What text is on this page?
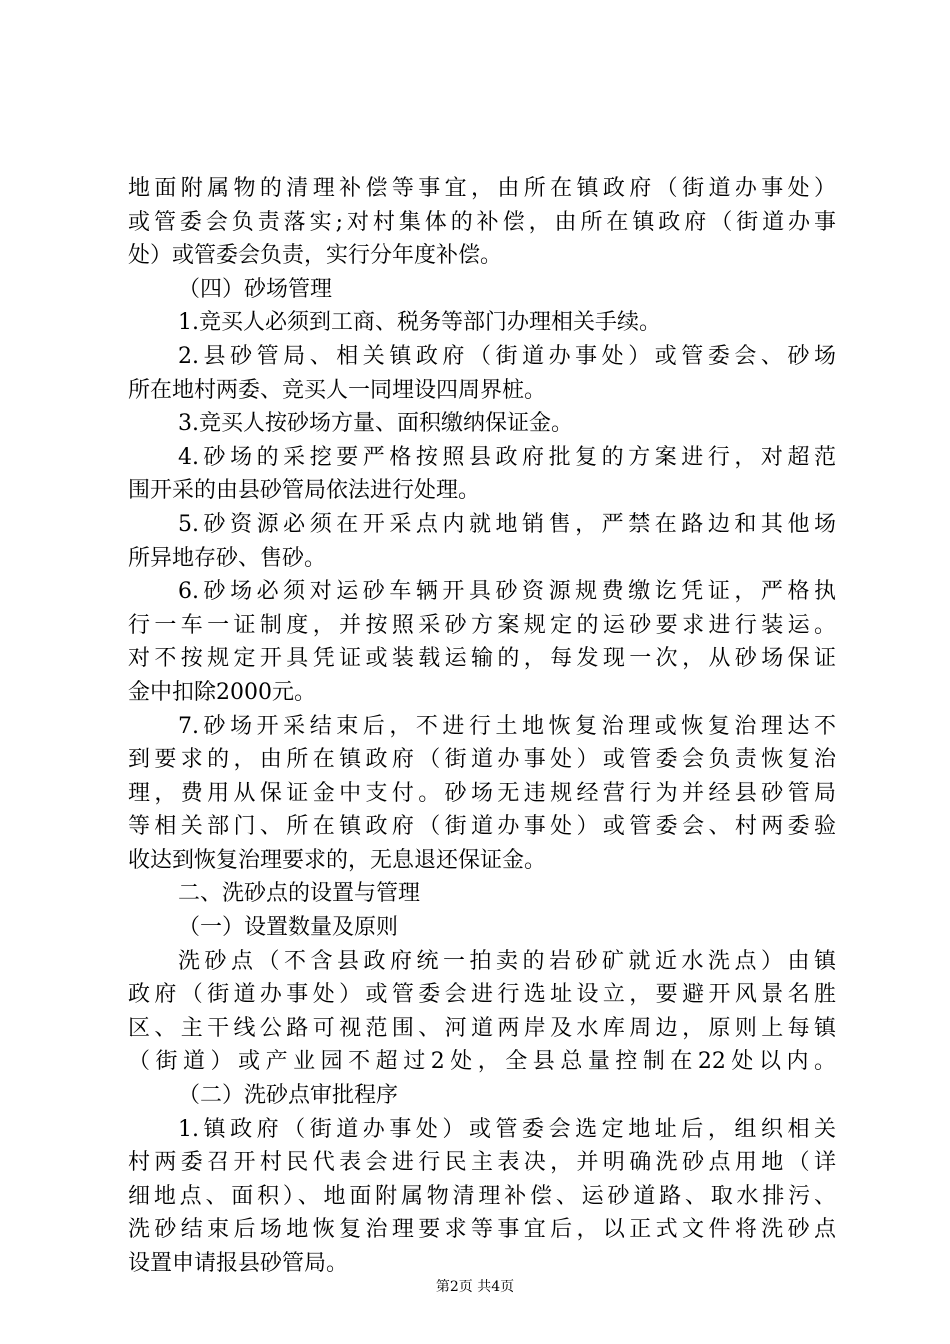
地面附属物的清理补偿等事宜，由所在镇政府（街道办事处）
或管委会负责落实;对村集体的补偿，由所在镇政府（街道办事
处）或管委会负责，实行分年度补偿。
（四）砂场管理
1.竞买人必须到工商、税务等部门办理相关手续。
2.县砂管局、相关镇政府（街道办事处）或管委会、砂场
所在地村两委、竞买人一同埋设四周界桩。
3.竞买人按砂场方量、面积缴纳保证金。
4.砂场的采挖要严格按照县政府批复的方案进行，对超范
围开采的由县砂管局依法进行处理。
5.砂资源必须在开采点内就地销售，严禁在路边和其他场
所异地存砂、售砂。
6.砂场必须对运砂车辆开具砂资源规费缴讫凭证，严格执
行一车一证制度，并按照采砂方案规定的运砂要求进行装运。
对不按规定开具凭证或装载运输的，每发现一次，从砂场保证
金中扣除2000元。
7.砂场开采结束后，不进行土地恢复治理或恢复治理达不
到要求的，由所在镇政府（街道办事处）或管委会负责恢复治
理，费用从保证金中支付。砂场无违规经营行为并经县砂管局
等相关部门、所在镇政府（街道办事处）或管委会、村两委验
收达到恢复治理要求的，无息退还保证金。
二、洗砂点的设置与管理
（一）设置数量及原则
洗砂点（不含县政府统一拍卖的岩砂矿就近水洗点）由镇
政府（街道办事处）或管委会进行选址设立，要避开风景名胜
区、主干线公路可视范围、河道两岸及水库周边，原则上每镇
（街道）或产业园不超过2处，全县总量控制在22处以内。
（二）洗砂点审批程序
1.镇政府（街道办事处）或管委会选定地址后，组织相关
村两委召开村民代表会进行民主表决，并明确洗砂点用地（详
细地点、面积）、地面附属物清理补偿、运砂道路、取水排污、
洗砂结束后场地恢复治理要求等事宜后，以正式文件将洗砂点
设置申请报县砂管局。
第2页 共4页
